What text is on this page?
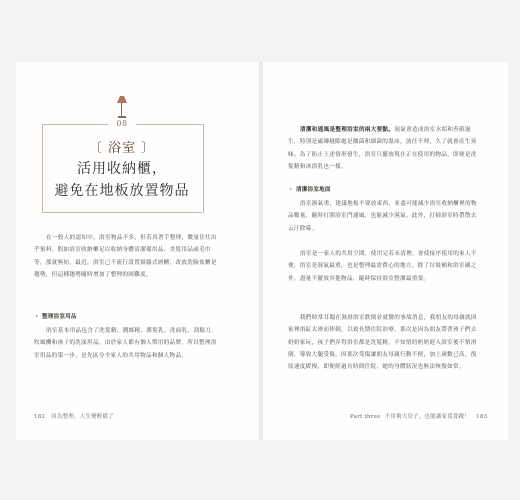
08
〔 浴室 〕
活用收納櫃，
避免在地板放置物品

在一般人的認知中，浴室物品不多，但若真著手整理，數量往往出乎預料。假如浴室收納櫃足以收納身體清潔備用品、美髮用品或毛巾等，那就無妨。最近，浴室已不流行設置掛牆式層櫃，改放洗臉盆櫃是趨勢，但這種趨勢隨時增加了整理的困難度。

・ 整理浴室用品

浴室基本用品包含了洗髮精、潤絲精、護髮乳、洗面乳、刮鬍刀、吹風機和孩子的洗澡用品，由於家人都有個人慣用的品牌，所以整理浴室用品的第一步，是先區分全家人的共用物品和個人物品。

182 回為整理，人生變輕鬆了

清潔和通風是整理浴室的兩大要點。濕氣會造成浴室水垢和苔蘚滋生，特別是磁磚縫隙處是黴菌和細菌的溫床，放任不理，久了就會產生臭味。為了防止上述情形發生，浴室只擺放現在正在使用的物品，即便是洗髮精和沐浴乳也一樣。

・ 清潔浴室地面

浴室濕氣重，建議地板不要放東西，並盡可能減少浴室收納櫃裡的物品數量，隨時打開浴室門通風，也能減少濕氣。此外，打掃浴室時帶散去云汙除霉。

浴室是一家人的共用空間，使用完若未清理，會使接序使用的家人不便，浴室是濕氣最重，也是整理最需費心的地方。除了垃圾桶和浴室刷之外，盡量不擺放其他物品，隨時保持浴室整潔最重要。

我們時常耳聞在濕滑浴室跌倒並就醫的事故消息，我朋友的母親就因家裡浴缸太滑而摔倒，以致長期住院治療。那次是因為朋友帶著孩子們去奶奶家玩，孩子們弄得浴室都是洗髮精，不知情的奶奶進入浴室後不慎滑倒，導致大腿受傷，因那次受傷讓朋友母親行動不便，加上歲數已高，復原速度緩慢，即便經過長時間住院，她的身體狀況也無法恢復如常。

Part three 不用夠大房子，也能讓家寬寬敞！ 183
